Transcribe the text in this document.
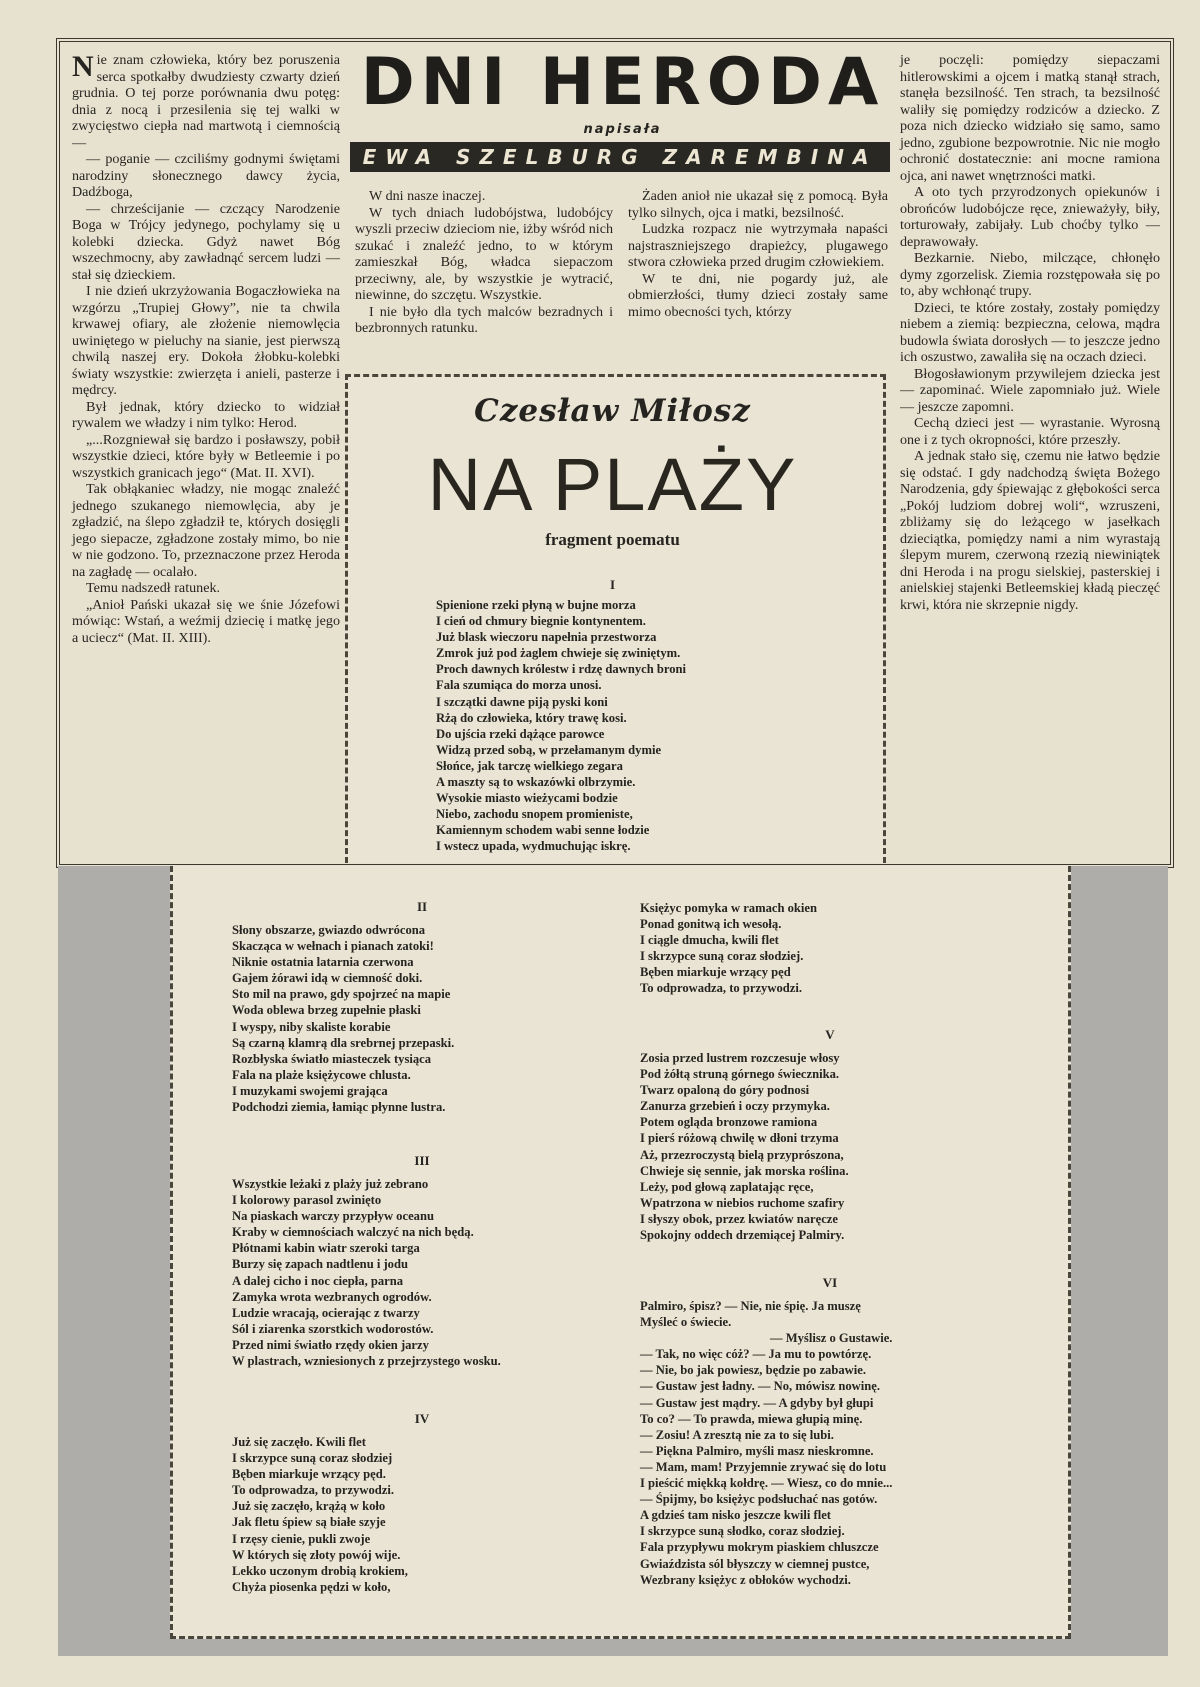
Nie znam człowieka, który bez poruszenia serca spotkałby dwudziesty czwarty dzień grudnia. O tej porze porównania dwu potęg: dnia z nocą i przesilenia się tej walki w zwycięstwo ciepła nad martwotą i ciemnością —

— poganie — czciliśmy godnymi świętami narodziny słonecznego dawcy życia, Dadźboga,

— chrześcijanie — czczący Narodzenie Boga w Trójcy jedynego, pochylamy się u kolebki dziecka. Gdyż nawet Bóg wszechmocny, aby zawładnąć sercem ludzi — stał się dzieckiem.

I nie dzień ukrzyżowania Bogaczłowieka na wzgórzu „Trupiej Głowy”, nie ta chwila krwawej ofiary, ale złożenie niemowlęcia uwiniętego w pieluchy na sianie, jest pierwszą chwilą naszej ery. Dokoła żłobku-kolebki światy wszystkie: zwierzęta i anieli, pasterze i mędrcy.

Był jednak, który dziecko to widział rywalem we władzy i nim tylko: Herod.

„...Rozgniewał się bardzo i posławszy, pobił wszystkie dzieci, które były w Betleemie i po wszystkich granicach jego“ (Mat. II. XVI).

Tak obłąkaniec władzy, nie mogąc znaleźć jednego szukanego niemowlęcia, aby je zgładzić, na ślepo zgładził te, których dosięgli jego siepacze, zgładzone zostały mimo, bo nie w nie godzono. To, przeznaczone przez Heroda na zagładę — ocalało.

Temu nadszedł ratunek.

„Anioł Pański ukazał się we śnie Józefowi mówiąc: Wstań, a weźmij dziecię i matkę jego a uciecz“ (Mat. II. XIII).

DNI HERODA
napisała
EWA SZELBURG ZAREMBINA

W dni nasze inaczej.

W tych dniach ludobójstwa, ludobójcy wyszli przeciw dzieciom nie, iżby wśród nich szukać i znaleźć jedno, to w którym zamieszkał Bóg, władca siepaczom przeciwny, ale, by wszystkie je wytracić, niewinne, do szczętu. Wszystkie.

I nie było dla tych malców bezradnych i bezbronnych ratunku.

Żaden anioł nie ukazał się z pomocą. Była tylko silnych, ojca i matki, bezsilność.

Ludzka rozpacz nie wytrzymała napaści najstraszniejszego drapieżcy, plugawego stwora człowieka przed drugim człowiekiem.

W te dni, nie pogardy już, ale obmierzłości, tłumy dzieci zostały same mimo obecności tych, którzy

je poczęli: pomiędzy siepaczami hitlerowskimi a ojcem i matką stanął strach, stanęła bezsilność. Ten strach, ta bezsilność waliły się pomiędzy rodziców a dziecko. Z poza nich dziecko widziało się samo, samo jedno, zgubione bezpowrotnie. Nic nie mogło ochronić dostatecznie: ani mocne ramiona ojca, ani nawet wnętrzności matki.

A oto tych przyrodzonych opiekunów i obrońców ludobójcze ręce, znieważyły, biły, torturowały, zabijały. Lub choćby tylko — deprawowały.

Bezkarnie. Niebo, milczące, chłonęło dymy zgorzelisk. Ziemia rozstępowała się po to, aby wchłonąć trupy.

Dzieci, te które zostały, zostały pomiędzy niebem a ziemią: bezpieczna, celowa, mądra budowla świata dorosłych — to jeszcze jedno ich oszustwo, zawaliła się na oczach dzieci.

Błogosławionym przywilejem dziecka jest — zapominać. Wiele zapomniało już. Wiele — jeszcze zapomni.

Cechą dzieci jest — wyrastanie. Wyrosną one i z tych okropności, które przeszły.

A jednak stało się, czemu nie łatwo będzie się odstać. I gdy nadchodzą święta Bożego Narodzenia, gdy śpiewając z głębokości serca „Pokój ludziom dobrej woli“, wzruszeni, zbliżamy się do leżącego w jasełkach dzieciątka, pomiędzy nami a nim wyrastają ślepym murem, czerwoną rzezią niewiniątek dni Heroda i na progu sielskiej, pasterskiej i anielskiej stajenki Betleemskiej kładą pieczęć krwi, która nie skrzepnie nigdy.

Czesław Miłosz
NA PLAŻY
fragment poematu
I
Spienione rzeki płyną w bujne morza
I cień od chmury biegnie kontynentem.
Już blask wieczoru napełnia przestworza
Zmrok już pod żaglem chwieje się zwiniętym.
Proch dawnych królestw i rdzę dawnych broni
Fala szumiąca do morza unosi.
I szczątki dawne piją pyski koni
Rżą do człowieka, który trawę kosi.
Do ujścia rzeki dążące parowce
Widzą przed sobą, w przełamanym dymie
Słońce, jak tarczę wielkiego zegara
A maszty są to wskazówki olbrzymie.
Wysokie miasto wieżycami bodzie
Niebo, zachodu snopem promieniste,
Kamiennym schodem wabi senne łodzie
I wstecz upada, wydmuchując iskrę.
II
Słony obszarze, gwiazdo odwrócona
Skacząca w wełnach i pianach zatoki!
Niknie ostatnia latarnia czerwona
Gajem żórawi idą w ciemność doki.
Sto mil na prawo, gdy spojrzeć na mapie
Woda oblewa brzeg zupełnie płaski
I wyspy, niby skaliste korabie
Są czarną klamrą dla srebrnej przepaski.
Rozbłyska światło miasteczek tysiąca
Fala na plaże księżycowe chlusta.
I muzykami swojemi grająca
Podchodzi ziemia, łamiąc płynne lustra.
III
Wszystkie leżaki z plaży już zebrano
I kolorowy parasol zwinięto
Na piaskach warczy przypływ oceanu
Kraby w ciemnościach walczyć na nich będą.
Płótnami kabin wiatr szeroki targa
Burzy się zapach nadtlenu i jodu
A dalej cicho i noc ciepła, parna
Zamyka wrota wezbranych ogrodów.
Ludzie wracają, ocierając z twarzy
Sól i ziarenka szorstkich wodorostów.
Przed nimi światło rzędy okien jarzy
W plastrach, wzniesionych z przejrzystego wosku.
IV
Już się zaczęło. Kwili flet
I skrzypce suną coraz słodziej
Bęben miarkuje wrzący pęd.
To odprowadza, to przywodzi.
Już się zaczęło, krążą w koło
Jak fletu śpiew są białe szyje
I rzęsy cienie, pukli zwoje
W których się złoty powój wije.
Lekko uczonym drobią krokiem,
Chyża piosenka pędzi w koło,
Księżyc pomyka w ramach okien
Ponad gonitwą ich wesołą.
I ciągle dmucha, kwili flet
I skrzypce suną coraz słodziej.
Bęben miarkuje wrzący pęd
To odprowadza, to przywodzi.
V
Zosia przed lustrem rozczesuje włosy
Pod żółtą struną górnego świecznika.
Twarz opaloną do góry podnosi
Zanurza grzebień i oczy przymyka.
Potem ogląda bronzowe ramiona
I pierś różową chwilę w dłoni trzyma
Aż, przezroczystą bielą przyprószona,
Chwieje się sennie, jak morska roślina.
Leży, pod głową zaplatając ręce,
Wpatrzona w niebios ruchome szafiry
I słyszy obok, przez kwiatów naręcze
Spokojny oddech drzemiącej Palmiry.
VI
Palmiro, śpisz? — Nie, nie śpię. Ja muszę
Myśleć o świecie.
— Myślisz o Gustawie.
— Tak, no więc cóż? — Ja mu to powtórzę.
— Nie, bo jak powiesz, będzie po zabawie.
— Gustaw jest ładny. — No, mówisz nowinę.
— Gustaw jest mądry. — A gdyby był głupi
To co? — To prawda, miewa głupią minę.
— Zosiu! A zresztą nie za to się lubi.
— Piękna Palmiro, myśli masz nieskromne.
— Mam, mam! Przyjemnie zrywać się do lotu
I pieścić miękką kołdrę. — Wiesz, co do mnie...
— Śpijmy, bo księżyc podsłuchać nas gotów.
A gdzieś tam nisko jeszcze kwili flet
I skrzypce suną słodko, coraz słodziej.
Fala przypływu mokrym piaskiem chluszcze
Gwiaździsta sól błyszczy w ciemnej pustce,
Wezbrany księżyc z obłoków wychodzi.
